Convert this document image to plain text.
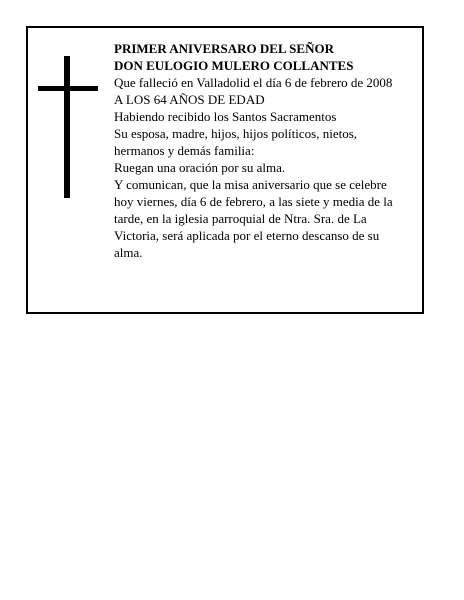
PRIMER ANIVERSARO DEL SEÑOR
DON EULOGIO MULERO COLLANTES
Que falleció en Valladolid el día 6 de febrero de 2008
A LOS 64 AÑOS DE EDAD
Habiendo recibido los Santos Sacramentos
Su esposa, madre, hijos, hijos políticos, nietos,
hermanos y demás familia:
Ruegan una oración por su alma.
Y comunican, que la misa aniversario que se celebre
hoy viernes, día 6 de febrero, a las siete y media de la
tarde, en la iglesia parroquial de Ntra. Sra. de La
Victoria, será aplicada por el eterno descanso de su
alma.
